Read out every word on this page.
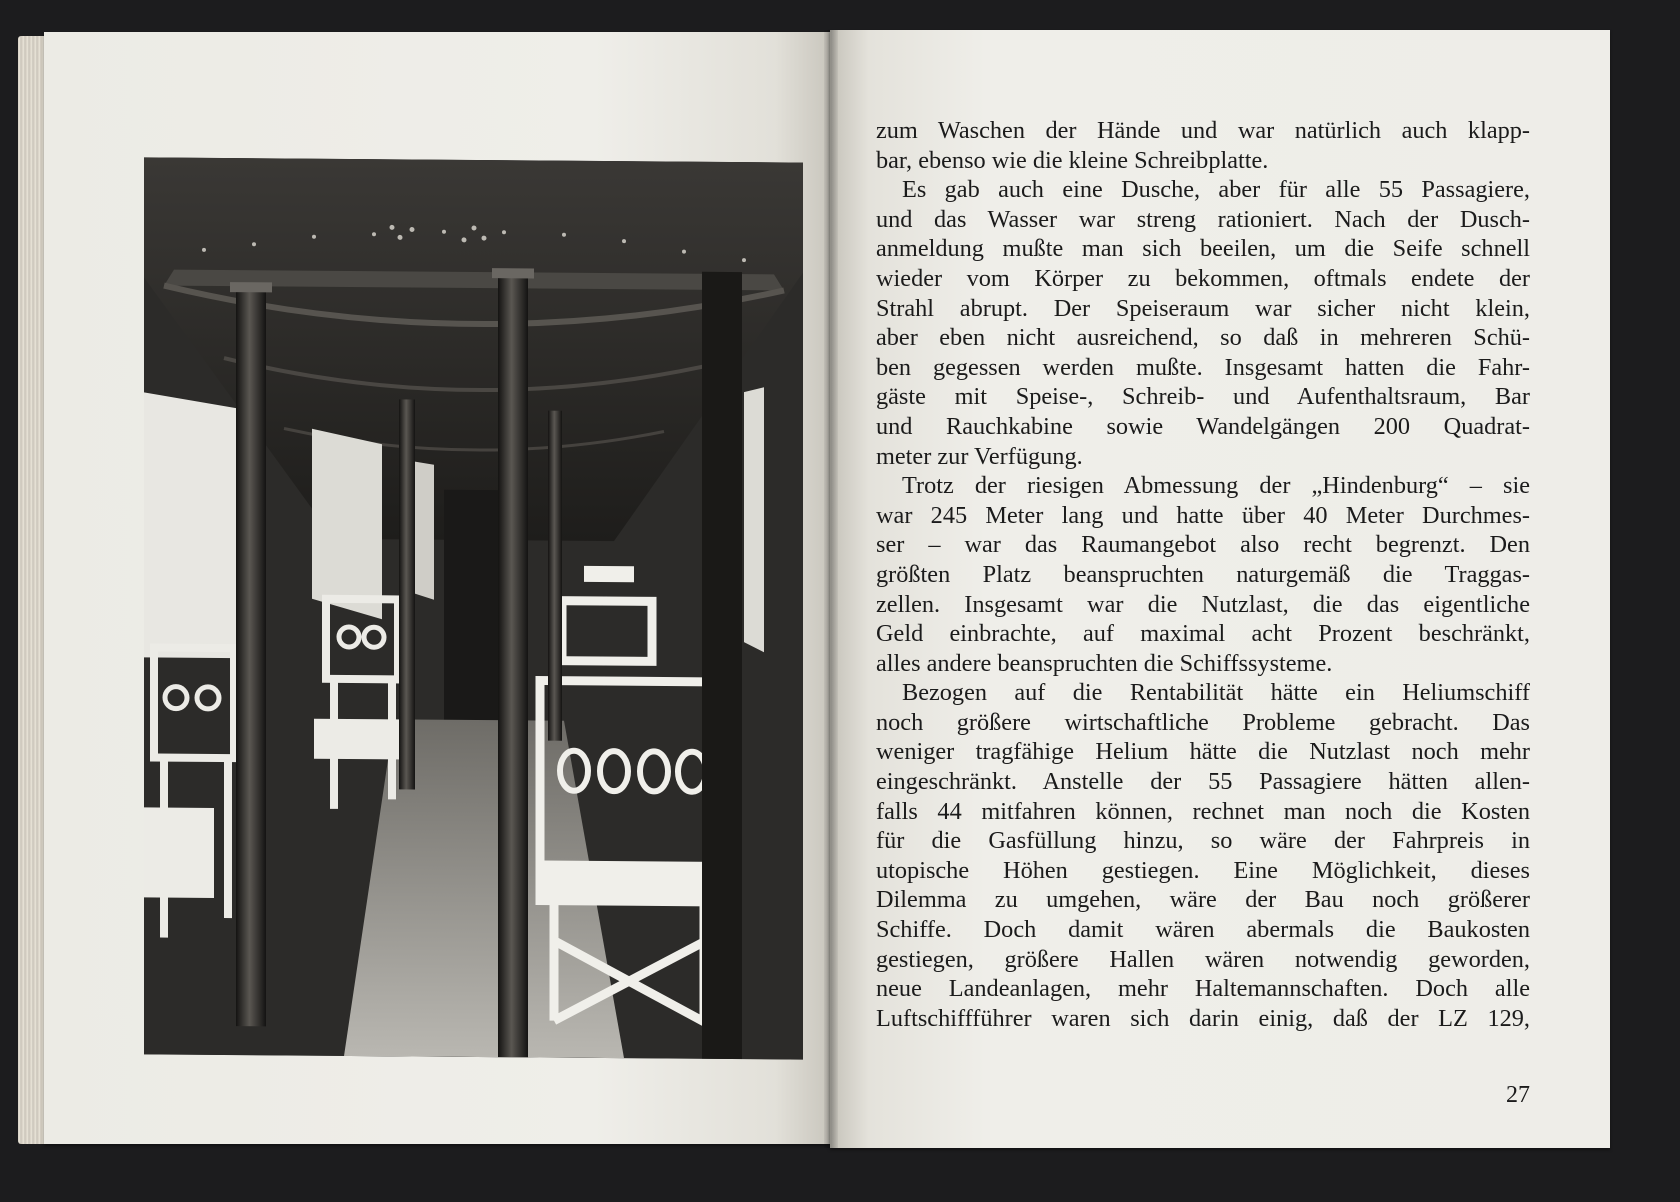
zum Waschen der Hände und war natürlich auch klapp-
bar, ebenso wie die kleine Schreibplatte.
Es gab auch eine Dusche, aber für alle 55 Passagiere,
und das Wasser war streng rationiert. Nach der Dusch-
anmeldung mußte man sich beeilen, um die Seife schnell
wieder vom Körper zu bekommen, oftmals endete der
Strahl abrupt. Der Speiseraum war sicher nicht klein,
aber eben nicht ausreichend, so daß in mehreren Schü-
ben gegessen werden mußte. Insgesamt hatten die Fahr-
gäste mit Speise-, Schreib- und Aufenthaltsraum, Bar
und Rauchkabine sowie Wandelgängen 200 Quadrat-
meter zur Verfügung.
Trotz der riesigen Abmessung der „Hindenburg“ – sie
war 245 Meter lang und hatte über 40 Meter Durchmes-
ser – war das Raumangebot also recht begrenzt. Den
größten Platz beanspruchten naturgemäß die Traggas-
zellen. Insgesamt war die Nutzlast, die das eigentliche
Geld einbrachte, auf maximal acht Prozent beschränkt,
alles andere beanspruchten die Schiffssysteme.
Bezogen auf die Rentabilität hätte ein Heliumschiff
noch größere wirtschaftliche Probleme gebracht. Das
weniger tragfähige Helium hätte die Nutzlast noch mehr
eingeschränkt. Anstelle der 55 Passagiere hätten allen-
falls 44 mitfahren können, rechnet man noch die Kosten
für die Gasfüllung hinzu, so wäre der Fahrpreis in
utopische Höhen gestiegen. Eine Möglichkeit, dieses
Dilemma zu umgehen, wäre der Bau noch größerer
Schiffe. Doch damit wären abermals die Baukosten
gestiegen, größere Hallen wären notwendig geworden,
neue Landeanlagen, mehr Haltemannschaften. Doch alle
Luftschiffführer waren sich darin einig, daß der LZ 129,
27
